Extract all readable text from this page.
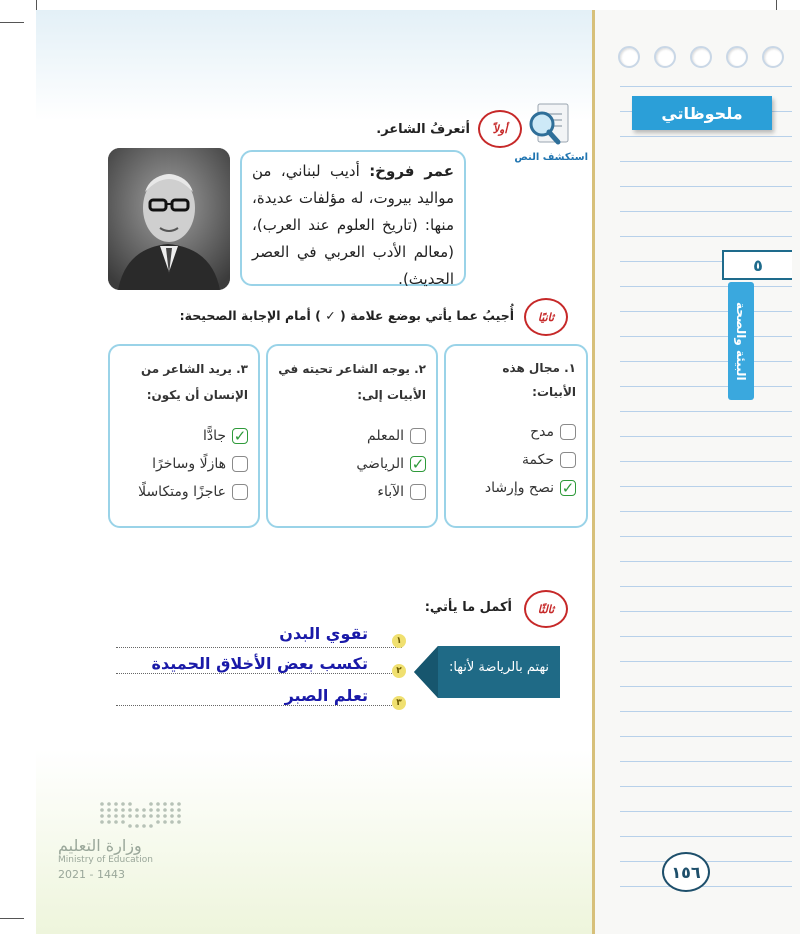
ملحوظاتي
٥
البيئة والصحة
١٥٦
استكشف النص
أولاً
أتعرفُ الشاعر.
عمر فروخ: أديب لبناني، من مواليد بيروت، له مؤلفات عديدة، منها: (تاريخ العلوم عند العرب)، (معالم الأدب العربي في العصر الحديث).
ثانيًا
أُجيبُ عما يأتي بوضع علامة ( ✓ ) أمام الإجابة الصحيحة:
١. مجال هذه الأبيات:
مدح
حكمة
✓
نصح وإرشاد
٢. يوجه الشاعر تحيته في الأبيات إلى:
المعلم
✓
الرياضي
الآباء
٣. يريد الشاعر من الإنسان أن يكون:
✓
جادًّا
هازلًا وساخرًا
عاجزًا ومتكاسلًا
ثالثًا
أكمل ما يأتي:
نهتم بالرياضة لأنها:
١
٢
٣
تقوي البدن
تكسب بعض الأخلاق الحميدة
تعلم الصبر
وزارة التعليم
Ministry of Education
2021 - 1443
